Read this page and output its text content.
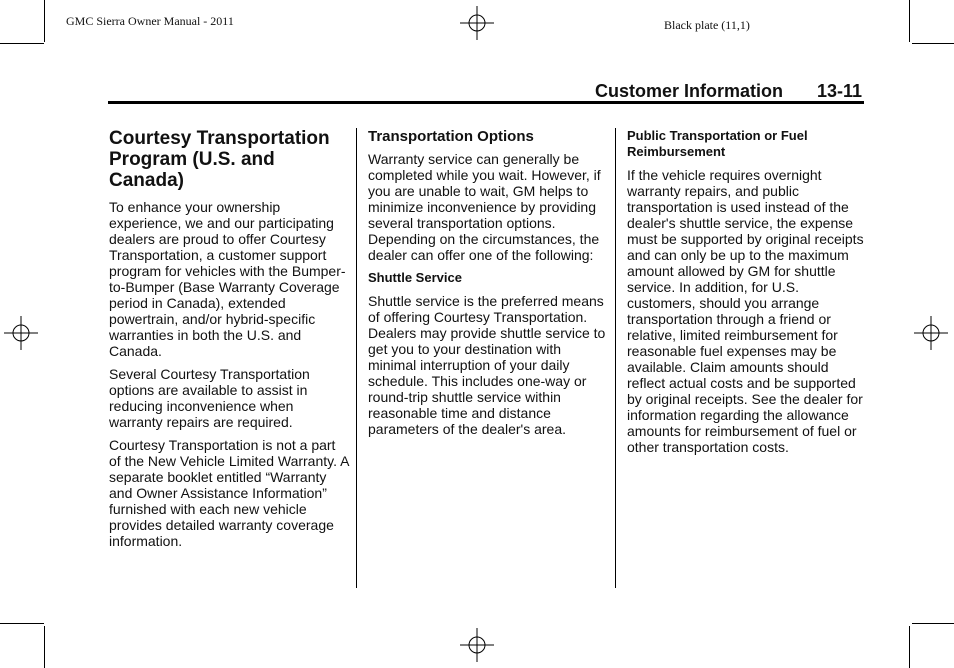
GMC Sierra Owner Manual - 2011	Black plate (11,1)
Customer Information 13-11
Courtesy Transportation Program (U.S. and Canada)

To enhance your ownership experience, we and our participating dealers are proud to offer Courtesy Transportation, a customer support program for vehicles with the Bumper-to-Bumper (Base Warranty Coverage period in Canada), extended powertrain, and/or hybrid-specific warranties in both the U.S. and Canada.

Several Courtesy Transportation options are available to assist in reducing inconvenience when warranty repairs are required.

Courtesy Transportation is not a part of the New Vehicle Limited Warranty. A separate booklet entitled “Warranty and Owner Assistance Information” furnished with each new vehicle provides detailed warranty coverage information.

Transportation Options

Warranty service can generally be completed while you wait. However, if you are unable to wait, GM helps to minimize inconvenience by providing several transportation options. Depending on the circumstances, the dealer can offer one of the following:

Shuttle Service

Shuttle service is the preferred means of offering Courtesy Transportation. Dealers may provide shuttle service to get you to your destination with minimal interruption of your daily schedule. This includes one-way or round-trip shuttle service within reasonable time and distance parameters of the dealer's area.

Public Transportation or Fuel Reimbursement

If the vehicle requires overnight warranty repairs, and public transportation is used instead of the dealer's shuttle service, the expense must be supported by original receipts and can only be up to the maximum amount allowed by GM for shuttle service. In addition, for U.S. customers, should you arrange transportation through a friend or relative, limited reimbursement for reasonable fuel expenses may be available. Claim amounts should reflect actual costs and be supported by original receipts. See the dealer for information regarding the allowance amounts for reimbursement of fuel or other transportation costs.
